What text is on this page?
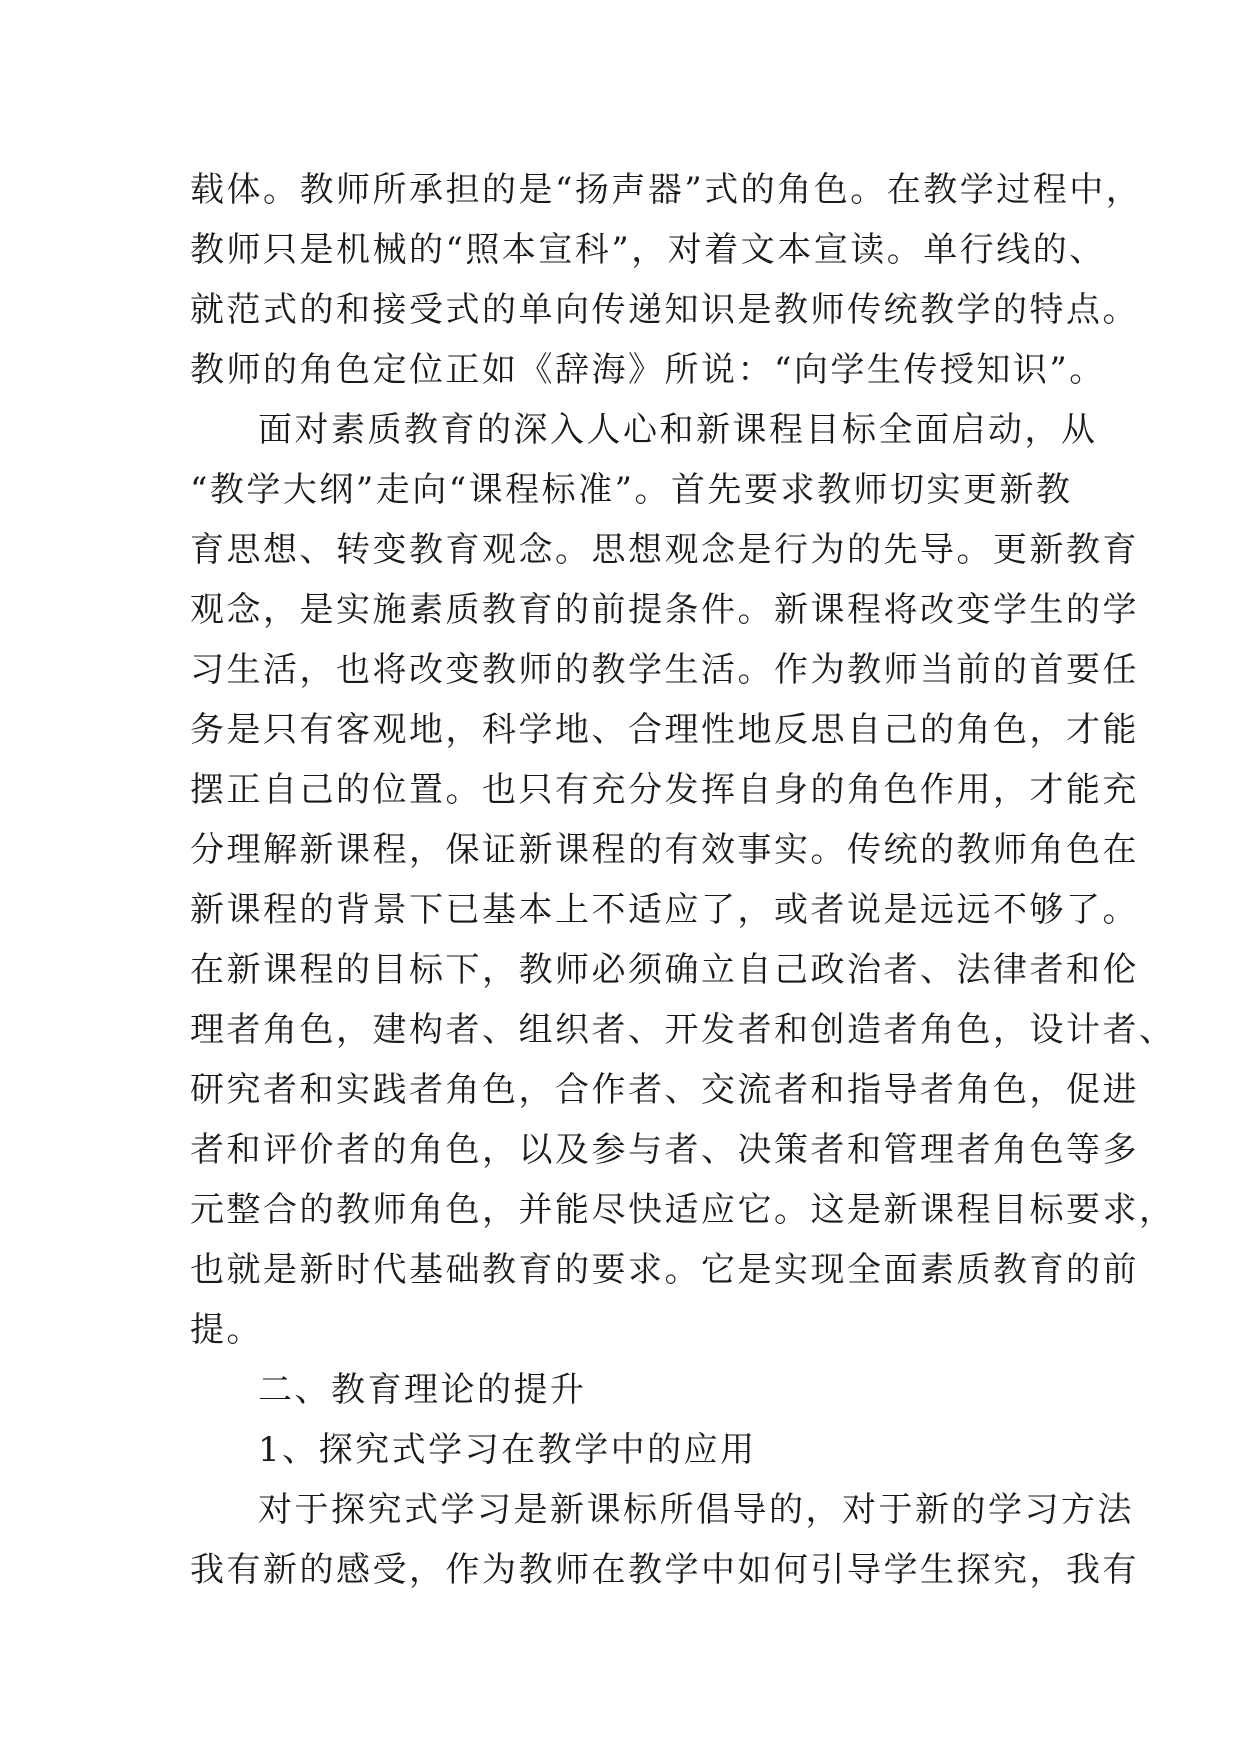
载体。教师所承担的是“扬声器”式的角色。在教学过程中，
教师只是机械的“照本宣科”，对着文本宣读。单行线的、
就范式的和接受式的单向传递知识是教师传统教学的特点。
教师的角色定位正如《辞海》所说：“向学生传授知识”。
面对素质教育的深入人心和新课程目标全面启动，从
“教学大纲”走向“课程标准”。首先要求教师切实更新教
育思想、转变教育观念。思想观念是行为的先导。更新教育
观念，是实施素质教育的前提条件。新课程将改变学生的学
习生活，也将改变教师的教学生活。作为教师当前的首要任
务是只有客观地，科学地、合理性地反思自己的角色，才能
摆正自己的位置。也只有充分发挥自身的角色作用，才能充
分理解新课程，保证新课程的有效事实。传统的教师角色在
新课程的背景下已基本上不适应了，或者说是远远不够了。
在新课程的目标下，教师必须确立自己政治者、法律者和伦
理者角色，建构者、组织者、开发者和创造者角色，设计者、
研究者和实践者角色，合作者、交流者和指导者角色，促进
者和评价者的角色，以及参与者、决策者和管理者角色等多
元整合的教师角色，并能尽快适应它。这是新课程目标要求，
也就是新时代基础教育的要求。它是实现全面素质教育的前
提。
二、教育理论的提升
1、探究式学习在教学中的应用
对于探究式学习是新课标所倡导的，对于新的学习方法
我有新的感受，作为教师在教学中如何引导学生探究，我有
